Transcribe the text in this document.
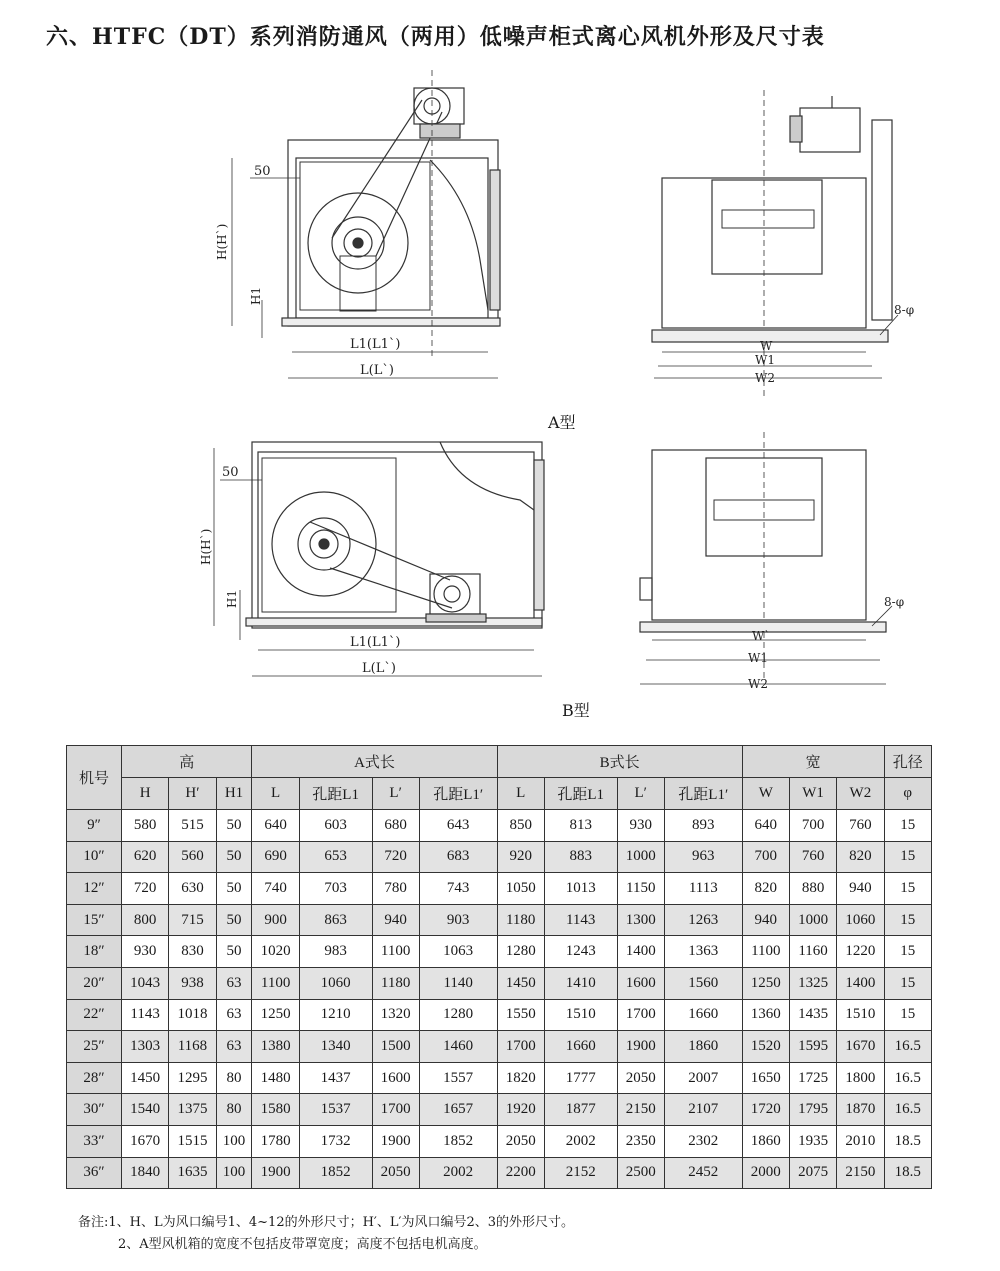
六、HTFC（DT）系列消防通风（两用）低噪声柜式离心风机外形及尺寸表
50
H(H`)
H1
L1(L1`)
L(L`)
W
W1
W2
8-φ
50
H(H`)
H1
L1(L1`)
L(L`)
W`
W1
W2
8-φ
A型
B型
机号	高			A式长				B式长				宽			孔径
	H	H′	H1	L	孔距L1	L′	孔距L1′	L	孔距L1	L′	孔距L1′	W	W1	W2	φ
9″	580	515	50	640	603	680	643	850	813	930	893	640	700	760	15
10″	620	560	50	690	653	720	683	920	883	1000	963	700	760	820	15
12″	720	630	50	740	703	780	743	1050	1013	1150	1113	820	880	940	15
15″	800	715	50	900	863	940	903	1180	1143	1300	1263	940	1000	1060	15
18″	930	830	50	1020	983	1100	1063	1280	1243	1400	1363	1100	1160	1220	15
20″	1043	938	63	1100	1060	1180	1140	1450	1410	1600	1560	1250	1325	1400	15
22″	1143	1018	63	1250	1210	1320	1280	1550	1510	1700	1660	1360	1435	1510	15
25″	1303	1168	63	1380	1340	1500	1460	1700	1660	1900	1860	1520	1595	1670	16.5
28″	1450	1295	80	1480	1437	1600	1557	1820	1777	2050	2007	1650	1725	1800	16.5
30″	1540	1375	80	1580	1537	1700	1657	1920	1877	2150	2107	1720	1795	1870	16.5
33″	1670	1515	100	1780	1732	1900	1852	2050	2002	2350	2302	1860	1935	2010	18.5
36″	1840	1635	100	1900	1852	2050	2002	2200	2152	2500	2452	2000	2075	2150	18.5
备注:1、H、L为风口编号1、4~12的外形尺寸；H′、L′为风口编号2、3的外形尺寸。
2、A型风机箱的宽度不包括皮带罩宽度；高度不包括电机高度。
